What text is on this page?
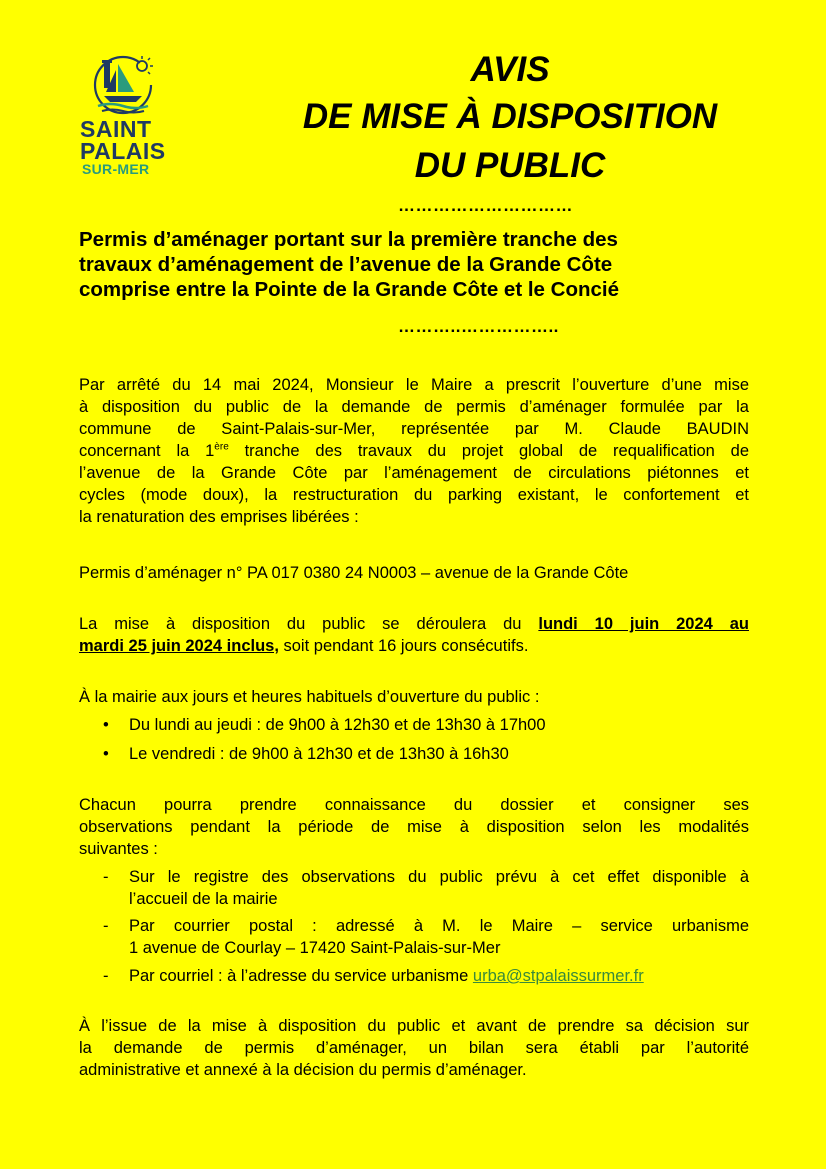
SAINT
PALAIS
SUR-MER
AVIS
DE MISE À DISPOSITION
DU PUBLIC
…………………………
Permis d’aménager portant sur la première tranche des
travaux d’aménagement de l’avenue de la Grande Côte
comprise entre la Pointe de la Grande Côte et le Concié
………..……………..
Par arrêté du 14 mai 2024, Monsieur le Maire a prescrit l’ouverture d’une mise
à disposition du public de la demande de permis d’aménager formulée par la
commune de Saint-Palais-sur-Mer, représentée par M. Claude BAUDIN
concernant la 1ère tranche des travaux du projet global de requalification de
l’avenue de la Grande Côte par l’aménagement de circulations piétonnes et
cycles (mode doux), la restructuration du parking existant, le confortement et
la renaturation des emprises libérées :
Permis d’aménager n° PA 017 0380 24 N0003 – avenue de la Grande Côte
La mise à disposition du public se déroulera du lundi 10 juin 2024 au
mardi 25 juin 2024 inclus, soit pendant 16 jours consécutifs.
À la mairie aux jours et heures habituels d’ouverture du public :
• Du lundi au jeudi : de 9h00 à 12h30 et de 13h30 à 17h00
• Le vendredi : de 9h00 à 12h30 et de 13h30 à 16h30
Chacun pourra prendre connaissance du dossier et consigner ses
observations pendant la période de mise à disposition selon les modalités
suivantes :
- Sur le registre des observations du public prévu à cet effet disponible à
l’accueil de la mairie
- Par courrier postal : adressé à M. le Maire – service urbanisme
1 avenue de Courlay – 17420 Saint-Palais-sur-Mer
- Par courriel : à l’adresse du service urbanisme urba@stpalaissurmer.fr
À l’issue de la mise à disposition du public et avant de prendre sa décision sur
la demande de permis d’aménager, un bilan sera établi par l’autorité
administrative et annexé à la décision du permis d’aménager.
